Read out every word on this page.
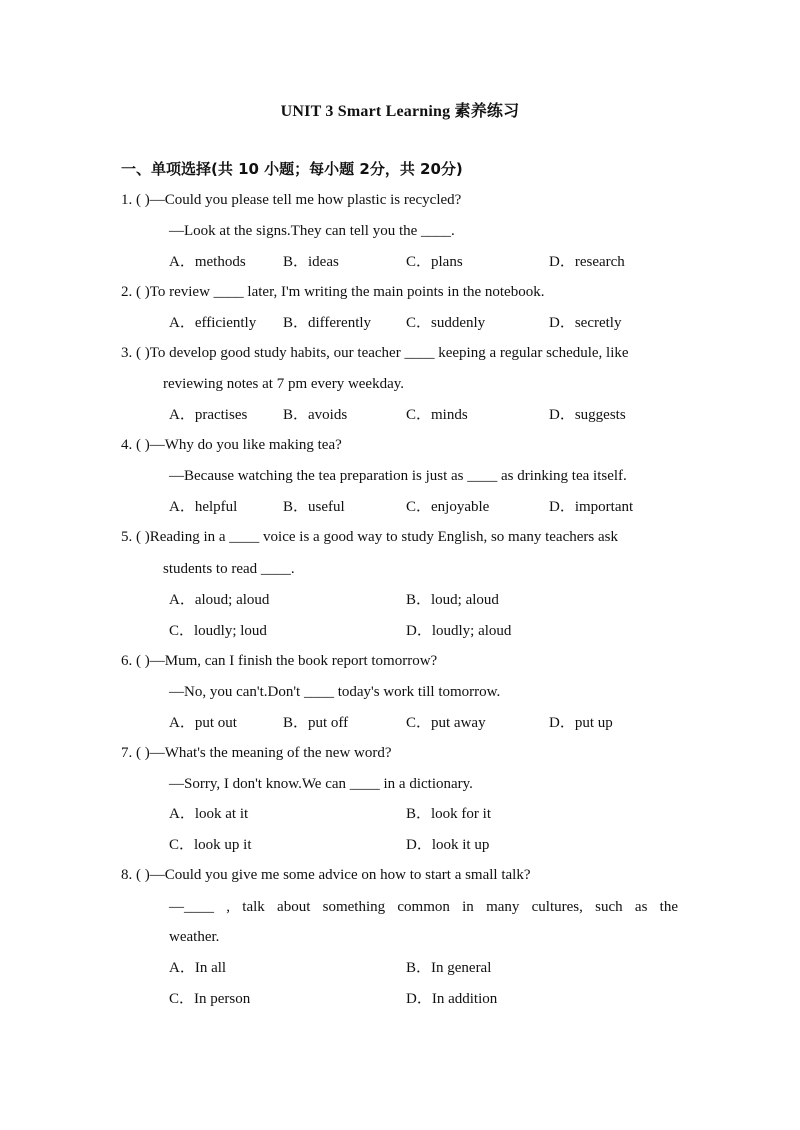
UNIT 3 Smart Learning 素养练习
一、单项选择(共 10 小题；每小题 2分，共 20分)
1. ( )—Could you please tell me how plastic is recycled?
—Look at the signs.They can tell you the ____.
A．methods B．ideas	C．plans	D．research
2. ( )To review ____ later, I'm writing the main points in the notebook.
A．efficiently B．differently C．suddenly	D．secretly
3. ( )To develop good study habits, our teacher ____ keeping a regular schedule, like
reviewing notes at 7 pm every weekday.
A．practises B．avoids	C．minds	D．suggests
4. ( )—Why do you like making tea?
—Because watching the tea preparation is just as ____ as drinking tea itself.
A．helpful	B．useful	C．enjoyable	D．important
5. ( )Reading in a ____ voice is a good way to study English, so many teachers ask
students to read ____.
A．aloud; aloud	B．loud; aloud
C．loudly; loud	D．loudly; aloud
6. ( )—Mum, can I finish the book report tomorrow?
—No, you can't.Don't ____ today's work till tomorrow.
A．put out	B．put off	C．put away	D．put up
7. ( )—What's the meaning of the new word?
—Sorry, I don't know.We can ____ in a dictionary.
A．look at it	B．look for it
C．look up it	D．look it up
8. ( )—Could you give me some advice on how to start a small talk?
—____ , talk about something common in many cultures, such as the
weather.
A．In all	B．In general
C．In person	D．In addition
